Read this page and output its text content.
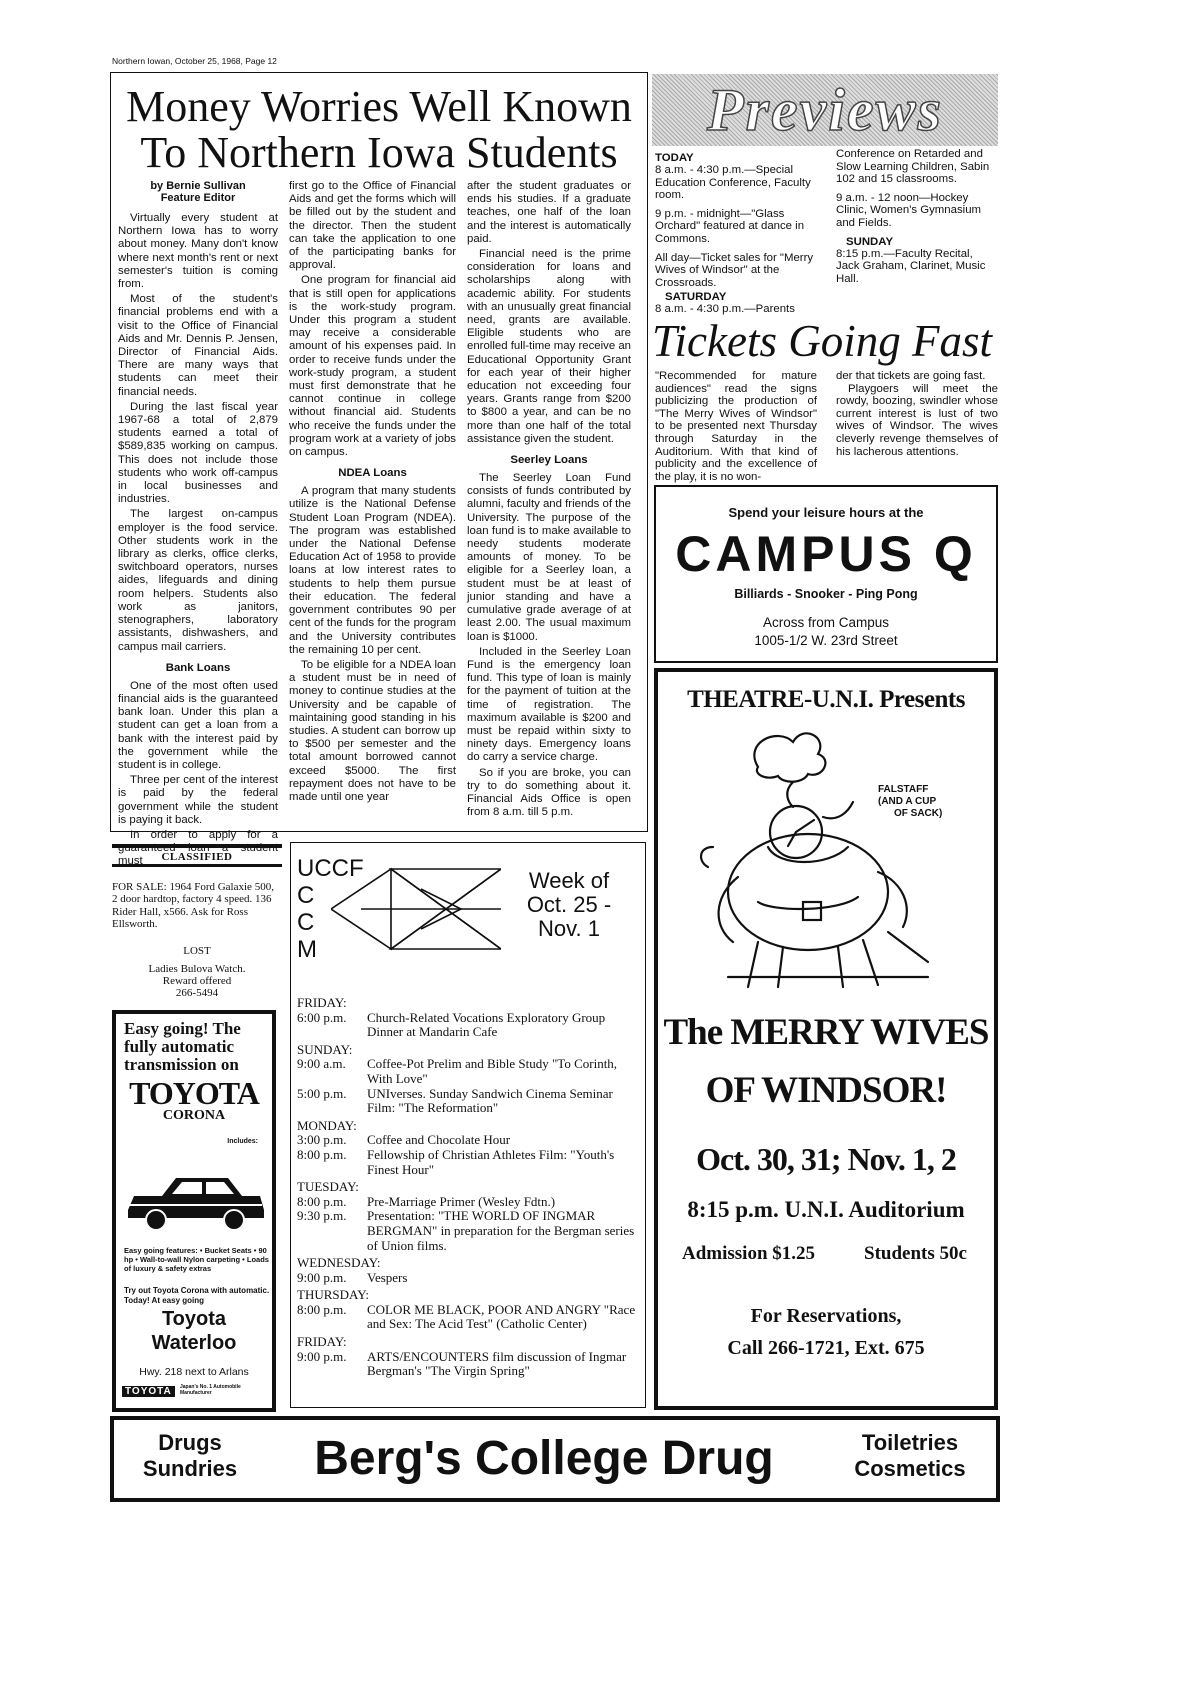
Northern Iowan, October 25, 1968, Page 12
Money Worries Well Known
To Northern Iowa Students
by Bernie Sullivan
Feature Editor

Virtually every student at Northern Iowa has to worry about money. Many don't know where next month's rent or next semester's tuition is coming from.

Most of the student's financial problems end with a visit to the Office of Financial Aids and Mr. Dennis P. Jensen, Director of Financial Aids. There are many ways that students can meet their financial needs.

During the last fiscal year 1967-68 a total of 2,879 students earned a total of $589,835 working on campus. This does not include those students who work off-campus in local businesses and industries.

The largest on-campus employer is the food service. Other students work in the library as clerks, office clerks, switchboard operators, nurses aides, lifeguards and dining room helpers. Students also work as janitors, stenographers, laboratory assistants, dishwashers, and campus mail carriers.

Bank Loans

One of the most often used financial aids is the guaranteed bank loan. Under this plan a student can get a loan from a bank with the interest paid by the government while the student is in college.

Three per cent of the interest is paid by the federal government while the student is paying it back.

In order to apply for a guaranteed loan a student must

first go to the Office of Financial Aids and get the forms which will be filled out by the student and the director. Then the student can take the application to one of the participating banks for approval.

One program for financial aid that is still open for applications is the work-study program. Under this program a student may receive a considerable amount of his expenses paid. In order to receive funds under the work-study program, a student must first demonstrate that he cannot continue in college without financial aid. Students who receive the funds under the program work at a variety of jobs on campus.

NDEA Loans

A program that many students utilize is the National Defense Student Loan Program (NDEA). The program was established under the National Defense Education Act of 1958 to provide loans at low interest rates to students to help them pursue their education. The federal government contributes 90 per cent of the funds for the program and the University contributes the remaining 10 per cent.

To be eligible for a NDEA loan a student must be in need of money to continue studies at the University and be capable of maintaining good standing in his studies. A student can borrow up to $500 per semester and the total amount borrowed cannot exceed $5000. The first repayment does not have to be made until one year

after the student graduates or ends his studies. If a graduate teaches, one half of the loan and the interest is automatically paid.

Financial need is the prime consideration for loans and scholarships along with academic ability. For students with an unusually great financial need, grants are available. Eligible students who are enrolled full-time may receive an Educational Opportunity Grant for each year of their higher education not exceeding four years. Grants range from $200 to $800 a year, and can be no more than one half of the total assistance given the student.

Seerley Loans

The Seerley Loan Fund consists of funds contributed by alumni, faculty and friends of the University. The purpose of the loan fund is to make available to needy students moderate amounts of money. To be eligible for a Seerley loan, a student must be at least of junior standing and have a cumulative grade average of at least 2.00. The usual maximum loan is $1000.

Included in the Seerley Loan Fund is the emergency loan fund. This type of loan is mainly for the payment of tuition at the time of registration. The maximum available is $200 and must be repaid within sixty to ninety days. Emergency loans do carry a service charge.

So if you are broke, you can try to do something about it. Financial Aids Office is open from 8 a.m. till 5 p.m.

Previews
TODAY

8 a.m. - 4:30 p.m.—Special Education Conference, Faculty room.

9 p.m. - midnight—"Glass Orchard" featured at dance in Commons.

All day—Ticket sales for "Merry Wives of Windsor" at the Crossroads.

SATURDAY

8 a.m. - 4:30 p.m.—Parents

Conference on Retarded and Slow Learning Children, Sabin 102 and 15 classrooms.

9 a.m. - 12 noon—Hockey Clinic, Women's Gymnasium and Fields.

SUNDAY

8:15 p.m.—Faculty Recital, Jack Graham, Clarinet, Music Hall.

Tickets Going Fast

"Recommended for mature audiences" read the signs publicizing the production of "The Merry Wives of Windsor" to be presented next Thursday through Saturday in the Auditorium. With that kind of publicity and the excellence of the play, it is no won-

der that tickets are going fast.

Playgoers will meet the rowdy, boozing, swindler whose current interest is lust of two wives of Windsor. The wives cleverly revenge themselves of his lacherous attentions.

Spend your leisure hours at the
CAMPUS Q
Billiards - Snooker - Ping Pong
Across from Campus
1005-1/2 W. 23rd Street
THEATRE-U.N.I. Presents
FALSTAFF
(AND A CUP
OF SACK)
The MERRY WIVES
OF WINDSOR!
Oct. 30, 31; Nov. 1, 2
8:15 p.m. U.N.I. Auditorium
Admission $1.25	Students 50c
For Reservations,
Call 266-1721, Ext. 675
CLASSIFIED
FOR SALE: 1964 Ford Galaxie 500, 2 door hardtop, factory 4 speed. 136 Rider Hall, x566. Ask for Ross Ellsworth.
LOST
Ladies Bulova Watch.
Reward offered
266-5494
Easy going! The
fully automatic
transmission on
TOYOTA
CORONA
Includes:
Easy going features: • Bucket Seats • 90 hp • Wall-to-wall Nylon carpeting • Loads of luxury & safety extras
Try out Toyota Corona with automatic. Today! At easy going
Toyota
Waterloo
Hwy. 218 next to Arlans
TOYOTA	Japan's No. 1 Automobile Manufacturer
UCCF
C
C
M
Week of
Oct. 25 -
Nov. 1
FRIDAY:
6:00 p.m.	Church-Related Vocations Exploratory Group Dinner at Mandarin Cafe
SUNDAY:
9:00 a.m.	Coffee-Pot Prelim and Bible Study "To Corinth, With Love"
5:00 p.m.	UNIverses. Sunday Sandwich Cinema Seminar Film: "The Reformation"
MONDAY:
3:00 p.m.	Coffee and Chocolate Hour
8:00 p.m.	Fellowship of Christian Athletes Film: "Youth's Finest Hour"
TUESDAY:
8:00 p.m.	Pre-Marriage Primer (Wesley Fdtn.)
9:30 p.m.	Presentation: "THE WORLD OF INGMAR BERGMAN" in preparation for the Bergman series of Union films.
WEDNESDAY:
9:00 p.m.	Vespers
THURSDAY:
8:00 p.m.	COLOR ME BLACK, POOR AND ANGRY "Race and Sex: The Acid Test" (Catholic Center)
FRIDAY:
9:00 p.m.	ARTS/ENCOUNTERS film discussion of Ingmar Bergman's "The Virgin Spring"
Drugs
Sundries	Berg's College Drug	Toiletries
Cosmetics
